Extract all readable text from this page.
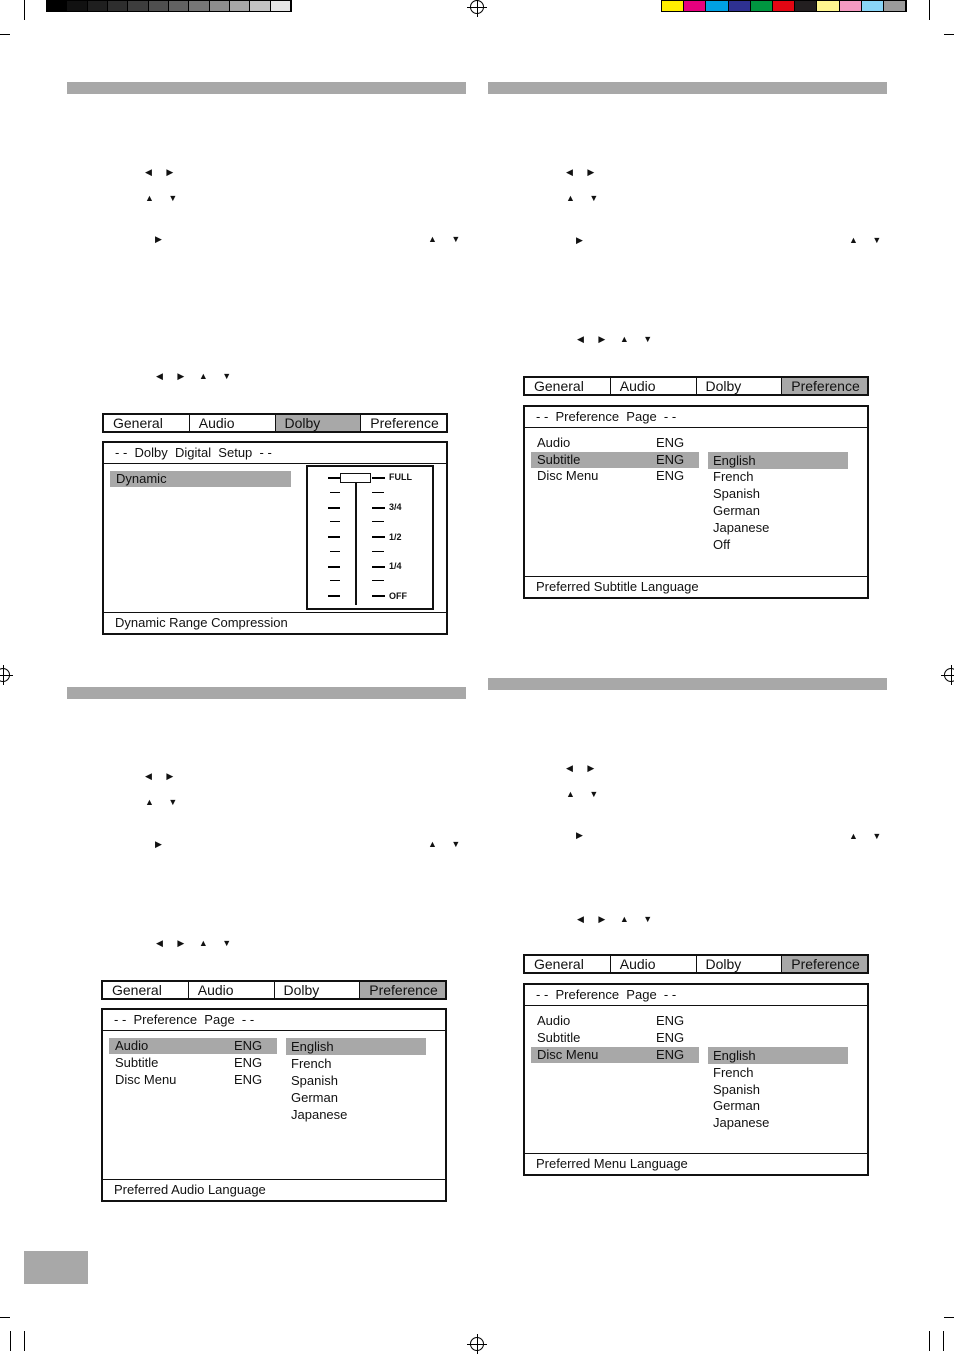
◀ ▶
▲ ▼
▶	▲ ▼
◀ ▶ ▲ ▼
◀ ▶
▲ ▼
▶	▲ ▼
◀ ▶ ▲ ▼
◀ ▶
▲ ▼
▶	▲ ▼
◀ ▶ ▲ ▼
◀ ▶
▲ ▼
▶	▲ ▼
◀ ▶ ▲ ▼
General	Audio	Dolby	Preference
- -  Dolby  Digital  Setup  - -
Dynamic	FULL
3/4
1/2
1/4
OFF
Dynamic Range Compression
General	Audio	Dolby	Preference
- -  Preference  Page  - -
Audio	ENG
Subtitle	ENG
Disc Menu	ENG
English
French
Spanish
German
Japanese
Off
Preferred Subtitle Language
General	Audio	Dolby	Preference
- -  Preference  Page  - -
Audio	ENG
Subtitle	ENG
Disc Menu	ENG
English
French
Spanish
German
Japanese
Preferred Audio Language
General	Audio	Dolby	Preference
- -  Preference  Page  - -
Audio	ENG
Subtitle	ENG
Disc Menu	ENG	English
French
Spanish
German
Japanese
Preferred Menu Language
